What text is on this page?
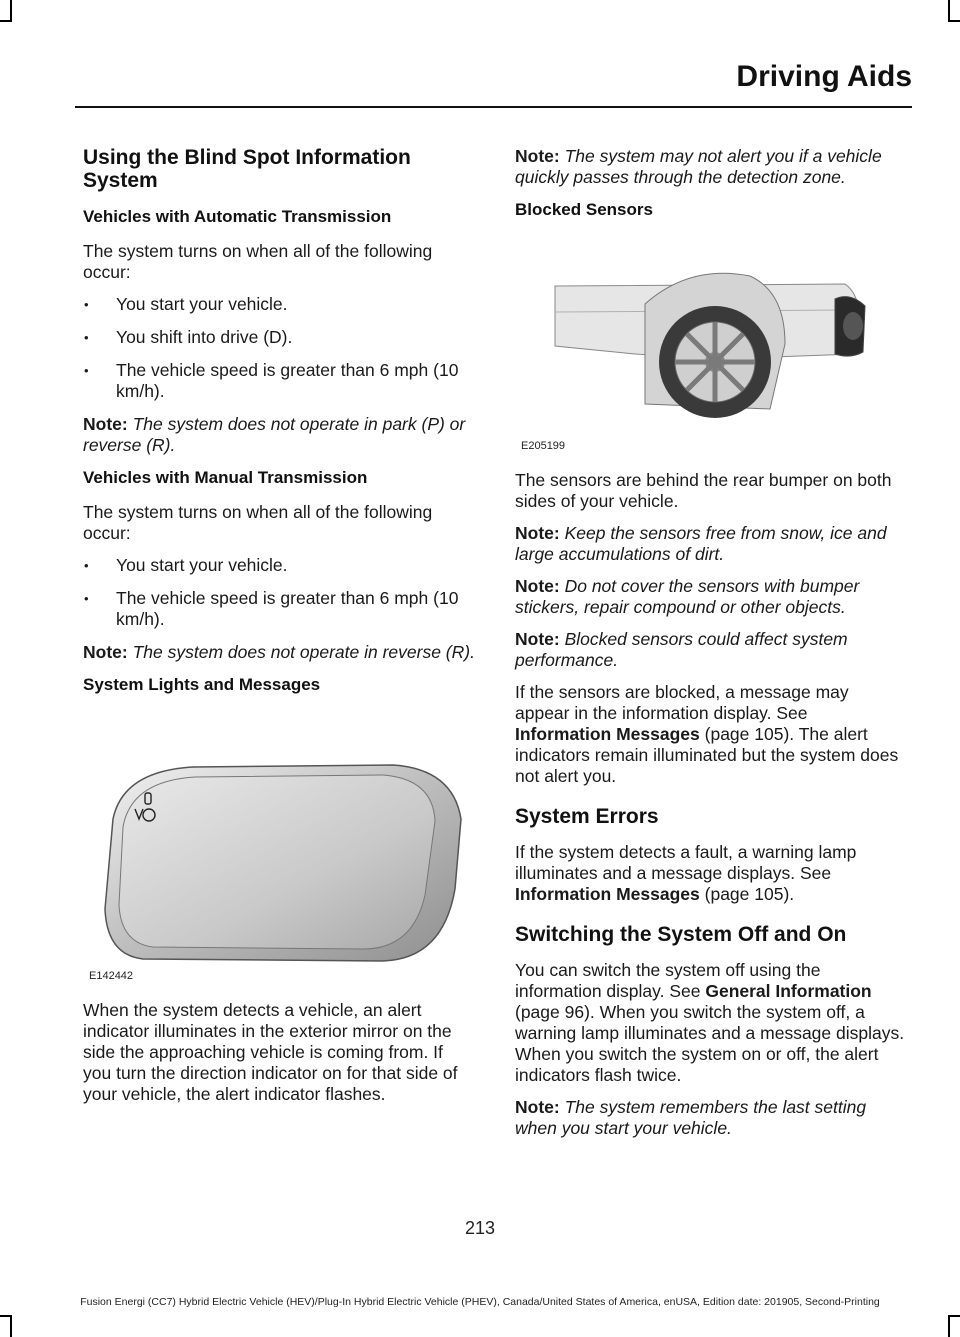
Driving Aids
Using the Blind Spot Information System
Vehicles with Automatic Transmission

The system turns on when all of the following occur:

• You start your vehicle.
• You shift into drive (D).
• The vehicle speed is greater than 6 mph (10 km/h).

Note: The system does not operate in park (P) or reverse (R).

Vehicles with Manual Transmission

The system turns on when all of the following occur:

• You start your vehicle.
• The vehicle speed is greater than 6 mph (10 km/h).

Note: The system does not operate in reverse (R).

System Lights and Messages
E142442

When the system detects a vehicle, an alert indicator illuminates in the exterior mirror on the side the approaching vehicle is coming from. If you turn the direction indicator on for that side of your vehicle, the alert indicator flashes.

Note: The system may not alert you if a vehicle quickly passes through the detection zone.

Blocked Sensors
E205199

The sensors are behind the rear bumper on both sides of your vehicle.

Note: Keep the sensors free from snow, ice and large accumulations of dirt.

Note: Do not cover the sensors with bumper stickers, repair compound or other objects.

Note: Blocked sensors could affect system performance.

If the sensors are blocked, a message may appear in the information display. See Information Messages (page 105). The alert indicators remain illuminated but the system does not alert you.

System Errors

If the system detects a fault, a warning lamp illuminates and a message displays. See Information Messages (page 105).

Switching the System Off and On

You can switch the system off using the information display. See General Information (page 96). When you switch the system off, a warning lamp illuminates and a message displays. When you switch the system on or off, the alert indicators flash twice.

Note: The system remembers the last setting when you start your vehicle.

213
Fusion Energi (CC7) Hybrid Electric Vehicle (HEV)/Plug-In Hybrid Electric Vehicle (PHEV), Canada/United States of America, enUSA, Edition date: 201905, Second-Printing
